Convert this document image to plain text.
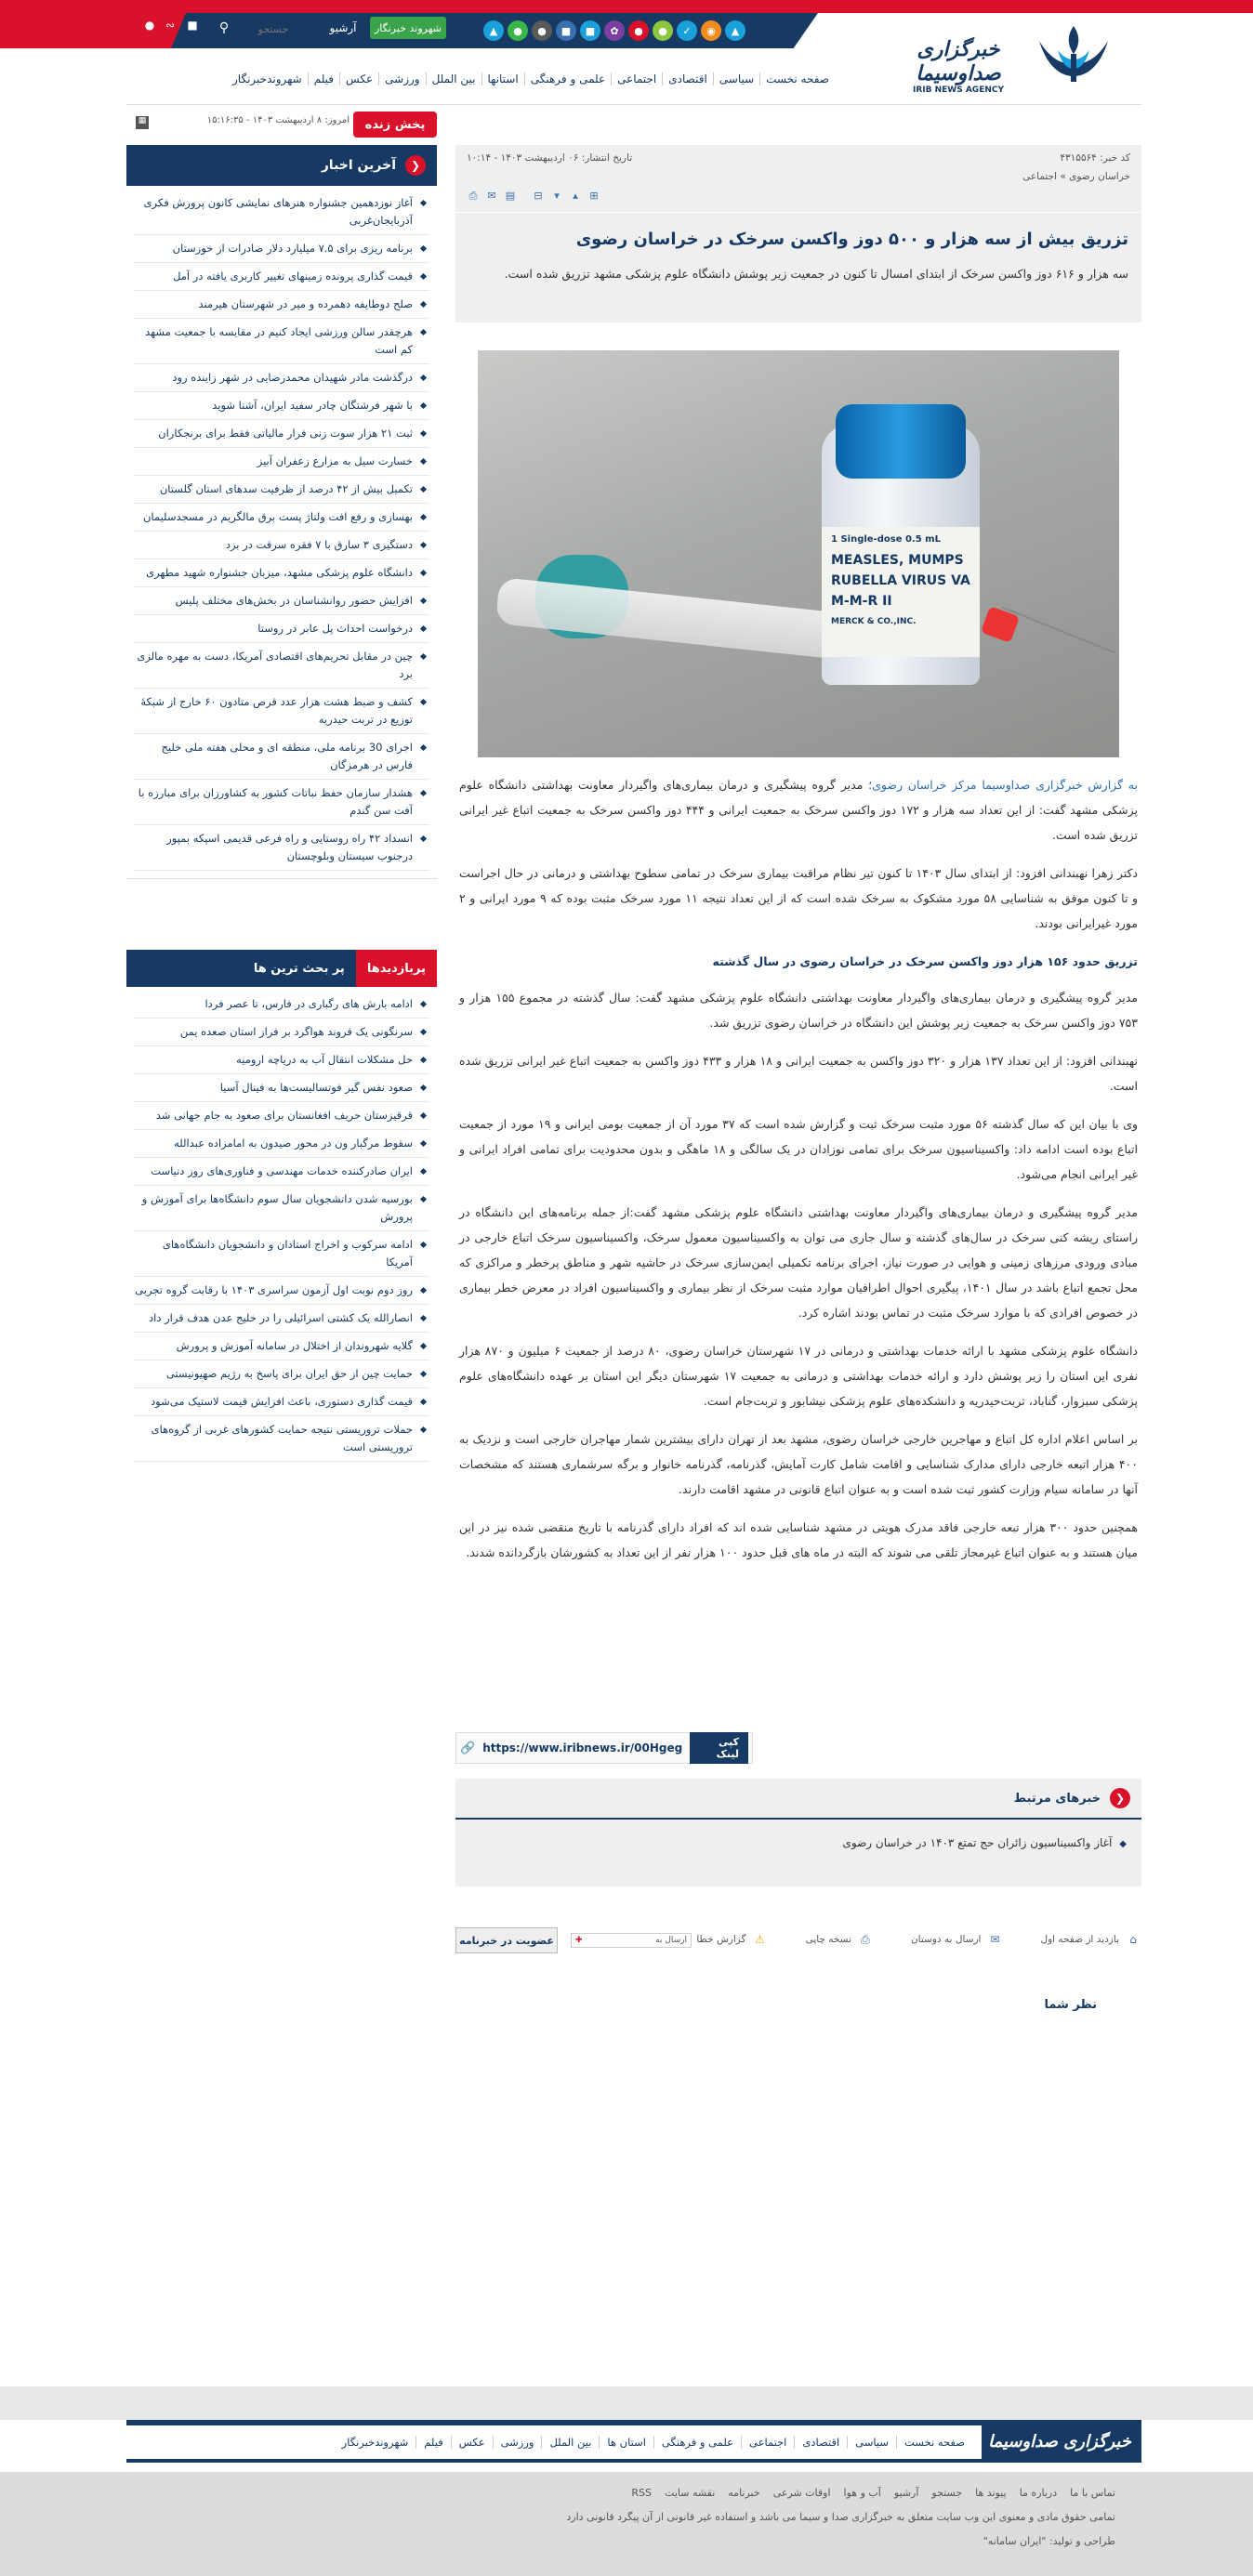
● ∾	■	▲	●	●	■	■	✿	●	●	✓	◉	▲
شهروند خبرنگار
آرشیو
جستجو
⚲
خبرگزاری صداوسیما
IRIB NEWS AGENCY
صفحه نخست
سیاسی
اقتصادی
اجتماعی
علمی و فرهنگی
استانها
بین الملل
ورزشی
عکس
فیلم
شهروندخبرنگار
پخش زنده
امروز: ۸ اردیبهشت ۱۴۰۳ - ۱۵:۱۶:۳۵
▦
❮
آخرین اخبار
آغاز نوزدهمین جشنواره هنرهای نمایشی کانون پرورش فکری آذربایجان‌غربی
برنامه ریزی برای ۷.۵ میلیارد دلار صادرات از خوزستان
قیمت گذاری پرونده زمینهای تغییر کاربری یافته در آمل
صلح دوطایفه دهمرده و میر در شهرستان هیرمند
هرچقدر سالن ورزشی ایجاد کنیم در مقایسه با جمعیت مشهد کم است
درگذشت مادر شهیدان محمدرضایی در شهر زاینده رود
با شهر فرشتگان چادر سفید ایران، آشنا شوید
ثبت ۲۱ هزار سوت زنی فرار مالیاتی فقط برای برنجکاران
خسارت سیل به مزارع زعفران آبیز
تکمیل بیش از ۴۲ درصد از ظرفیت سدهای استان گلستان
بهسازی و رفع افت ولتاژ پست برق مالگریم در مسجدسلیمان
دستگیری ۳ سارق با ۷ فقره سرقت در بزد
دانشگاه علوم پزشکی مشهد، میزبان جشنواره شهید مطهری
افزایش حضور روانشناسان در بخش‌های مختلف پلیس
درخواست احداث پل عابر در روستا
چین در مقابل تحریم‌های اقتصادی آمریکا، دست به مهره مالزی برد
کشف و ضبط هشت هزار عدد قرص متادون ۶۰ خارج از شبکهٔ توزیع در تربت حیدریه
اجرای 30 برنامه ملی، منطقه ای و محلی هفته ملی خلیج فارس در هرمزگان
هشدار سازمان حفظ نباتات کشور به کشاورزان برای مبارزه با آفت سن گندم
انسداد ۴۲ راه روستایی و راه فرعی قدیمی اسپکه بمپور درجنوب سیستان وبلوچستان
پربازدیدها
پر بحث ترین ها
ادامه بارش های رگباری در فارس، تا عصر فردا
سرنگونی یک فروند هواگرد بر فراز استان صعده یمن
حل مشکلات انتقال آب به دریاچه ارومیه
صعود نفس گیر فوتسالیست‌ها به فینال آسیا
قرقیزستان حریف افغانستان برای صعود به جام جهانی شد
سقوط مرگبار ون در محور صیدون به امامزاده عبدالله
ایران صادرکننده خدمات مهندسی و فناوری‌های روز دنیاست
بورسیه شدن دانشجویان سال سوم دانشگاه‌ها برای آموزش و پرورش
ادامه سرکوب و اخراج استادان و دانشجویان دانشگاه‌های آمریکا
روز دوم نوبت اول آزمون سراسری ۱۴۰۳ با رقابت گروه تجربی
انصارالله یک کشتی اسرائیلی را در خلیج عدن هدف قرار داد
گلایه شهروندان از اختلال در سامانه آموزش و پرورش
حمایت چین از حق ایران برای پاسخ به رژیم صهیونیستی
قیمت گذاری دستوری، باعث افزایش قیمت لاستیک می‌شود
حملات تروریستی نتیجه حمایت کشورهای غربی از گروه‌های تروریستی است
کد خبر: ۴۳۱۵۵۶۴
تاریخ انتشار: ۰۶ اردیبهشت ۱۴۰۳ - ۱۰:۱۴
خراسان رضوی » اجتماعی
⎙ ✉ ▤ ⊟	▾	▴	⊞
تزریق بیش از سه هزار و ۵۰۰ دوز واکسن سرخک در خراسان رضوی

سه هزار و ۶۱۶ دوز واکسن سرخک از ابتدای امسال تا کنون در جمعیت زیر پوشش دانشگاه علوم پزشکی مشهد تزریق شده است.

1 Single-dose 0.5 mL
MEASLES, MUMPS
RUBELLA VIRUS VA
M-M-R II
MERCK & CO.,INC.

به گزارش خبرگزاری صداوسیما مرکز خراسان رضوی؛ مدیر گروه پیشگیری و درمان بیماری‌های واگیردار معاونت بهداشتی دانشگاه علوم پزشکی مشهد گفت: از این تعداد سه هزار و ۱۷۲ دوز واکسن سرخک به جمعیت ایرانی و ۴۴۴ دوز واکسن سرخک به جمعیت اتباع غیر ایرانی تزریق شده است.

دکتر زهرا نهبندانی افزود: از ابتدای سال ۱۴۰۳ تا کنون تیر نظام مراقبت بیماری سرخک در تمامی سطوح بهداشتی و درمانی در حال اجراست و تا کنون موفق به شناسایی ۵۸ مورد مشکوک به سرخک شده است که از این تعداد نتیجه ۱۱ مورد سرخک مثبت بوده که ۹ مورد ایرانی و ۲ مورد غیرایرانی بودند.

تزریق حدود ۱۵۶ هزار دوز واکسن سرخک در خراسان رضوی در سال گذشته

مدیر گروه پیشگیری و درمان بیماری‌های واگیردار معاونت بهداشتی دانشگاه علوم پزشکی مشهد گفت: سال گذشته در مجموع ۱۵۵ هزار و ۷۵۳ دوز واکسن سرخک به جمعیت زیر پوشش این دانشگاه در خراسان رضوی تزریق شد.

نهبندانی افزود: از این تعداد ۱۳۷ هزار و ۳۲۰ دوز واکسن به جمعیت ایرانی و ۱۸ هزار و ۴۳۳ دوز واکسن به جمعیت اتباع غیر ایرانی تزریق شده است.

وی با بیان این که سال گذشته ۵۶ مورد مثبت سرخک ثبت و گزارش شده است که ۳۷ مورد آن از جمعیت بومی ایرانی و ۱۹ مورد از جمعیت اتباع بوده است ادامه داد: واکسیناسیون سرخک برای تمامی نوزادان در یک سالگی و ۱۸ ماهگی و بدون محدودیت برای تمامی افراد ایرانی و غیر ایرانی انجام می‌شود.

مدیر گروه پیشگیری و درمان بیماری‌های واگیردار معاونت بهداشتی دانشگاه علوم پزشکی مشهد گفت:از جمله برنامه‌های این دانشگاه در راستای ریشه کنی سرخک در سال‌های گذشته و سال جاری می توان به واکسیناسیون معمول سرخک، واکسیناسیون سرخک اتباع خارجی در مبادی ورودی مرزهای زمینی و هوایی در صورت نیاز، اجرای برنامه تکمیلی ایمن‌سازی سرخک در حاشیه شهر و مناطق پرخطر و مراکزی که محل تجمع اتباع باشد در سال ۱۴۰۱، پیگیری احوال اطرافیان موارد مثبت سرخک از نظر بیماری و واکسیناسیون افراد در معرض خطر بیماری در خصوص افرادی که با موارد سرخک مثبت در تماس بودند اشاره کرد.

دانشگاه علوم پزشکی مشهد با ارائه خدمات بهداشتی و درمانی در ۱۷ شهرستان خراسان رضوی، ۸۰ درصد از جمعیت ۶ میلیون و ۸۷۰ هزار نفری این استان را زیر پوشش دارد و ارائه خدمات بهداشتی و درمانی به جمعیت ۱۷ شهرستان دیگر این استان بر عهده دانشگاه‌های علوم پزشکی سبزوار، گناباد، تربت‌حیدریه و دانشکده‌های علوم پزشکی نیشابور و تربت‌جام است.

بر اساس اعلام اداره کل اتباع و مهاجرین خارجی خراسان رضوی، مشهد بعد از تهران دارای بیشترین شمار مهاجران خارجی است و نزدیک به ۴۰۰ هزار اتبعه خارجی دارای مدارک شناسایی و اقامت شامل کارت آمایش، گذرنامه، گذرنامه خانوار و برگه سرشماری هستند که مشخصات آنها در سامانه سیام وزارت کشور ثبت شده است و به عنوان اتباع قانونی در مشهد اقامت دارند.

همچنین حدود ۳۰۰ هزار تبعه خارجی فاقد مدرک هویتی در مشهد شناسایی شده اند که افراد دارای گذرنامه با تاریخ منقضی شده نیز در این میان هستند و به عنوان اتباع غیرمجاز تلقی می شوند که البته در ماه های قبل حدود ۱۰۰ هزار نفر از این تعداد به کشورشان بازگردانده شدند.

کپی لینک
https://www.iribnews.ir/00Hgeg
🔗
❮
خبرهای مرتبط
◆ آغاز واکسیناسیون زائران حج تمتع ۱۴۰۳ در خراسان رضوی
⌂
بازدید از صفحه اول
✉
ارسال به دوستان
⎙
نسخه چاپی
⚠
گزارش خطا
ارسال به
✚
عضویت در خبرنامه
نظر شما
خبرگزاری صداوسیما
صفحه نخست
سیاسی
اقتصادی
اجتماعی
علمی و فرهنگی
استان ها
بین الملل
ورزشی
عکس
فیلم
شهروندخبرنگار
تماس با ما
درباره ما
پیوند ها
جستجو
آرشیو
آب و هوا
اوقات شرعی
خبرنامه
نقشه سایت
RSS
تمامی حقوق مادی و معنوی این وب سایت متعلق به خبرگزاری صدا و سیما می باشد و استفاده غیر قانونی از آن پیگرد قانونی دارد
طراحی و تولید: "ایران سامانه"
